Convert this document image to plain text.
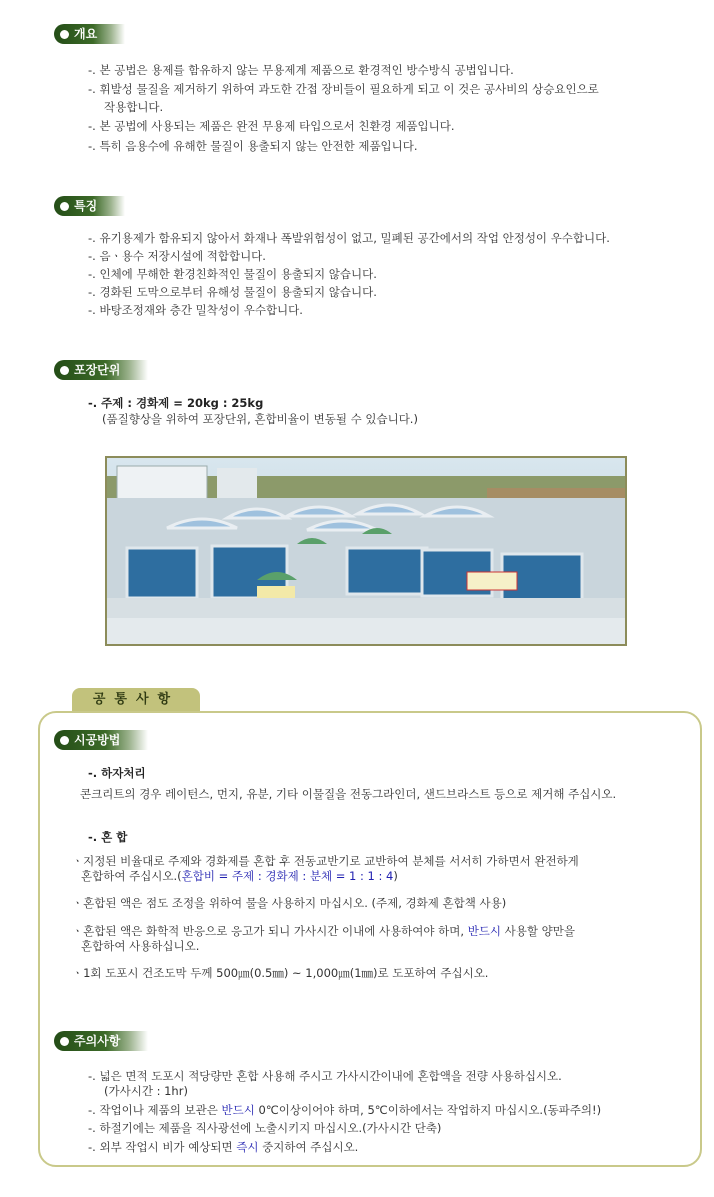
개요
-. 본 공법은 용제를 함유하지 않는 무용제계 제품으로 환경적인 방수방식 공법입니다.
-. 휘발성 물질을 제거하기 위하여 과도한 간접 장비들이 필요하게 되고 이 것은 공사비의 상승요인으로
작용합니다.
-. 본 공법에 사용되는 제품은 완전 무용제 타입으로서 친환경 제품입니다.
-. 특히 음용수에 유해한 물질이 용출되지 않는 안전한 제품입니다.
특징
-. 유기용제가 함유되지 않아서 화재나 폭발위험성이 없고, 밀폐된 공간에서의 작업 안정성이 우수합니다.
-. 음ㆍ용수 저장시설에 적합합니다.
-. 인체에 무해한 환경친화적인 물질이 용출되지 않습니다.
-. 경화된 도막으로부터 유해성 물질이 용출되지 않습니다.
-. 바탕조정재와 층간 밀착성이 우수합니다.
포장단위
-. 주제 : 경화제 = 20kg : 25kg
(품질향상을 위하여 포장단위, 혼합비율이 변동될 수 있습니다.)
공통사항
시공방법
-. 하자처리
콘크리트의 경우 레이턴스, 먼지, 유분, 기타 이물질을 전동그라인더, 샌드브라스트 등으로 제거해 주십시오.
-. 혼 합
ㆍ지정된 비율대로 주제와 경화제를 혼합 후 전동교반기로 교반하여 분체를 서서히 가하면서 완전하게
혼합하여 주십시오.(혼합비 = 주제 : 경화제 : 분체 = 1 : 1 : 4)
ㆍ혼합된 액은 점도 조정을 위하여 물을 사용하지 마십시오. (주제, 경화제 혼합책 사용)
ㆍ혼합된 액은 화학적 반응으로 응고가 되니 가사시간 이내에 사용하여야 하며, 반드시 사용할 양만을
혼합하여 사용하십니오.
ㆍ1회 도포시 건조도막 두께 500㎛(0.5㎜) ~ 1,000㎛(1㎜)로 도포하여 주십시오.
주의사항
-. 넓은 면적 도포시 적당량만 혼합 사용해 주시고 가사시간이내에 혼합액을 전량 사용하십시오.
(가사시간 : 1hr)
-. 작업이나 제품의 보관은 반드시 0℃이상이어야 하며, 5℃이하에서는 작업하지 마십시오.(동파주의!)
-. 하절기에는 제품을 직사광선에 노출시키지 마십시오.(가사시간 단축)
-. 외부 작업시 비가 예상되면 즉시 중지하여 주십시오.
